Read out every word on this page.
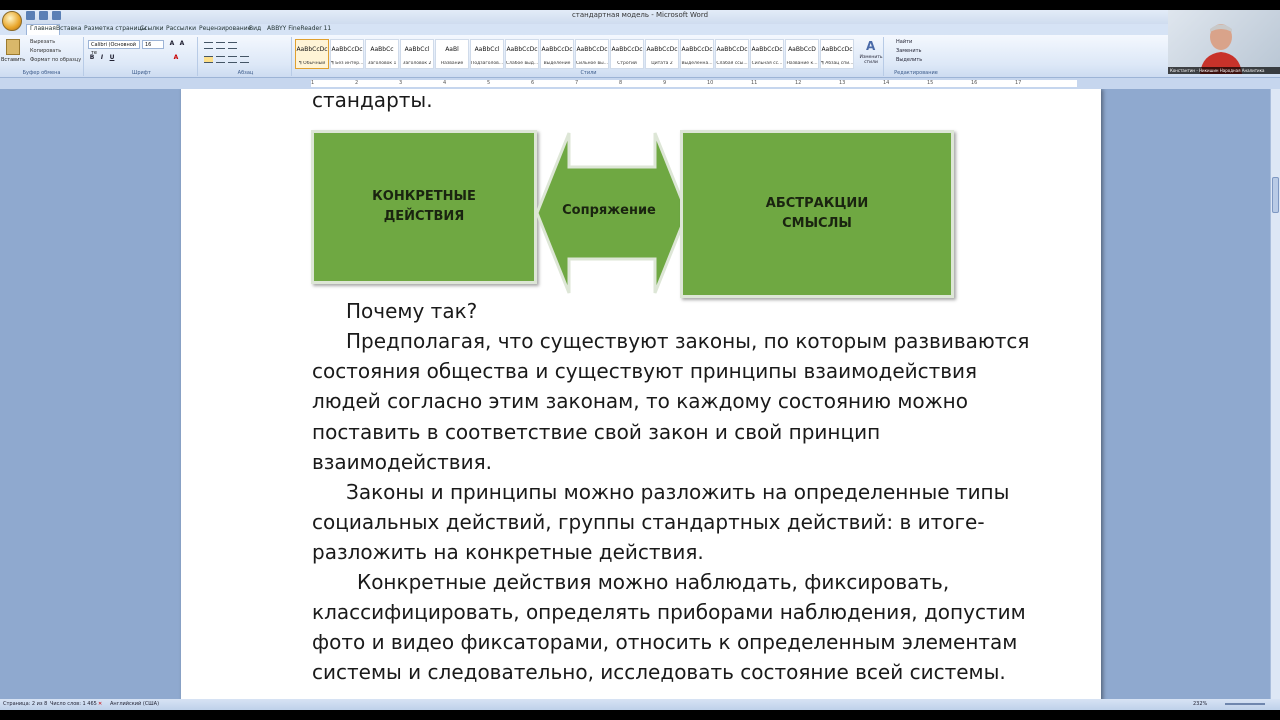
стандартная модель - Microsoft Word
Главная Вставка Разметка страницы
Ссылки Рассылки Рецензирование
Вид ABBYY FineReader 11
Вставить
Вырезать
Копировать
Формат по образцу
Буфер обмена
Calibri (Основной те
16	A A
B	I	U	A
Шрифт	Абзац
AaBbCcDc
¶ Обычный
AaBbCcDc
¶ Без интер...
AaBbCc
Заголовок 1
AaBbCcl
Заголовок 2
AaBl
Название
AaBbCcl
Подзаголов...
AaBbCcDc
Слабое выд...
AaBbCcDc
Выделение
AaBbCcDc
Сильное вы...
AaBbCcDc
Строгий
AaBbCcDc
Цитата 2
AaBbCcDc
Выделенна...
AaBbCcDc
Слабая ссы...
AaBbCcDc
Сильная сс...
AaBbCcD
Название к...
AaBbCcDc
¶ Абзац спи...
Стили
A
Изменить стили
Найти
Заменить
Выделить
Редактирование
1	2	3	4	5	6	7	8	9	10	11	12	13	14	15	16	17
стандарты.
КОНКРЕТНЫЕ
ДЕЙСТВИЯ	Сопряжение	АБСТРАКЦИИ
СМЫСЛЫ
Почему так?
Предполагая, что существуют законы, по которым развиваются
состояния общества и существуют принципы взаимодействия
людей согласно этим законам, то каждому состоянию можно
поставить в соответствие свой закон и свой принцип
взаимодействия.
Законы и принципы можно разложить на определенные типы
социальных действий, группы стандартных действий: в итоге-
разложить на конкретные действия.
Конкретные действия можно наблюдать, фиксировать,
классифицировать, определять приборами наблюдения, допустим
фото и видео фиксаторами, относить к определенным элементам
системы и следовательно, исследовать состояние всей системы.
Страница: 2 из 8 Число слов: 1 465 ✕ Английский (США)	232%
Константин - Никишин Народная Аналитика
